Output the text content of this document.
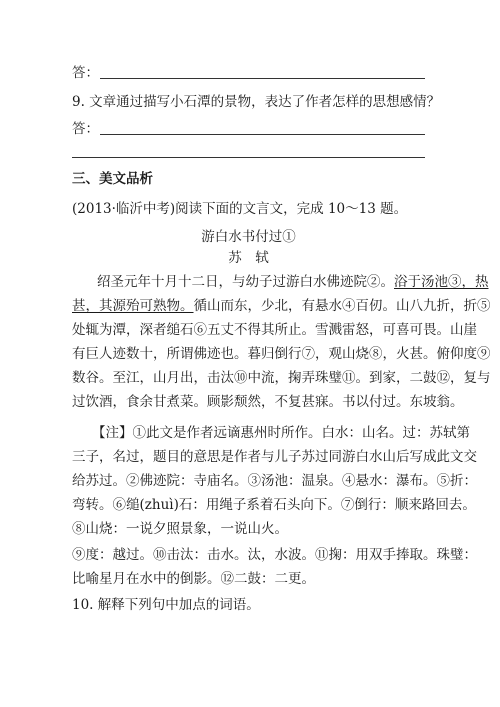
答：
9. 文章通过描写小石潭的景物，表达了作者怎样的思想感情？
答：
三、美文品析
(2013·临沂中考)阅读下面的文言文，完成 10～13 题。
游白水书付过①
苏　轼
绍圣元年十月十二日，与幼子过游白水佛迹院②。浴于汤池③，热
甚，其源殆可熟物。循山而东，少北，有悬水④百仞。山八九折，折⑤
处辄为潭，深者缒石⑥五丈不得其所止。雪溅雷怒，可喜可畏。山崖
有巨人迹数十，所谓佛迹也。暮归倒行⑦，观山烧⑧，火甚。俯仰度⑨
数谷。至江，山月出，击汰⑩中流，掬弄珠璧⑪。到家，二鼓⑫，复与
过饮酒，食余甘煮菜。顾影颓然，不复甚寐。书以付过。东坡翁。
【注】①此文是作者远谪惠州时所作。白水：山名。过：苏轼第
三子，名过，题目的意思是作者与儿子苏过同游白水山后写成此文交
给苏过。②佛迹院：寺庙名。③汤池：温泉。④悬水：瀑布。⑤折：
弯转。⑥缒(zhuì)石：用绳子系着石头向下。⑦倒行：顺来路回去。
⑧山烧：一说夕照景象，一说山火。
⑨度：越过。⑩击汰：击水。汰，水波。⑪掬：用双手捧取。珠璧：
比喻星月在水中的倒影。⑫二鼓：二更。
10. 解释下列句中加点的词语。
